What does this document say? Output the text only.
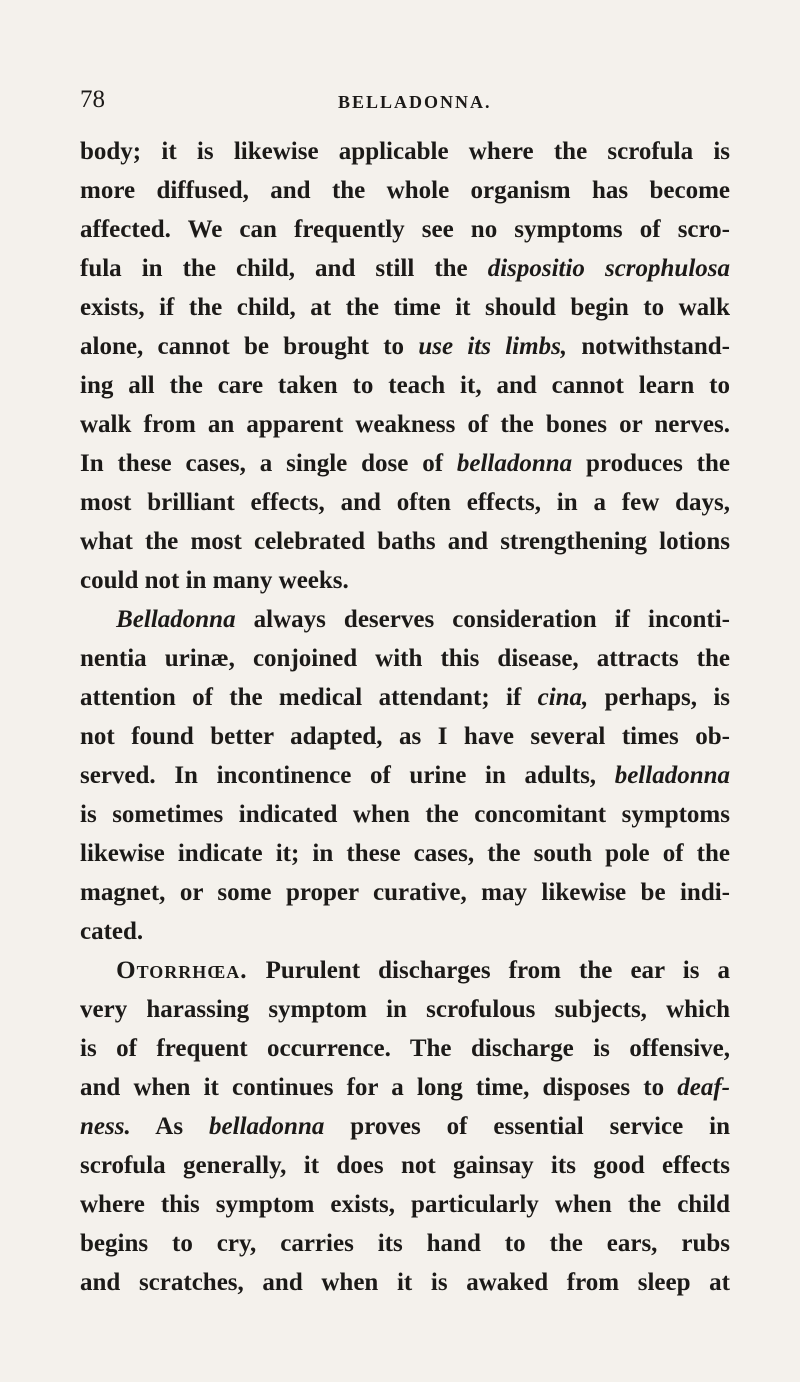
78	BELLADONNA.
body; it is likewise applicable where the scrofula is
more diffused, and the whole organism has become
affected. We can frequently see no symptoms of scro-
fula in the child, and still the dispositio scrophulosa
exists, if the child, at the time it should begin to walk
alone, cannot be brought to use its limbs, notwithstand-
ing all the care taken to teach it, and cannot learn to
walk from an apparent weakness of the bones or nerves.
In these cases, a single dose of belladonna produces the
most brilliant effects, and often effects, in a few days,
what the most celebrated baths and strengthening lotions
could not in many weeks.
Belladonna always deserves consideration if inconti-
nentia urinæ, conjoined with this disease, attracts the
attention of the medical attendant; if cina, perhaps, is
not found better adapted, as I have several times ob-
served. In incontinence of urine in adults, belladonna
is sometimes indicated when the concomitant symptoms
likewise indicate it; in these cases, the south pole of the
magnet, or some proper curative, may likewise be indi-
cated.
Otorrhœa. Purulent discharges from the ear is a
very harassing symptom in scrofulous subjects, which
is of frequent occurrence. The discharge is offensive,
and when it continues for a long time, disposes to deaf-
ness. As belladonna proves of essential service in
scrofula generally, it does not gainsay its good effects
where this symptom exists, particularly when the child
begins to cry, carries its hand to the ears, rubs
and scratches, and when it is awaked from sleep at
